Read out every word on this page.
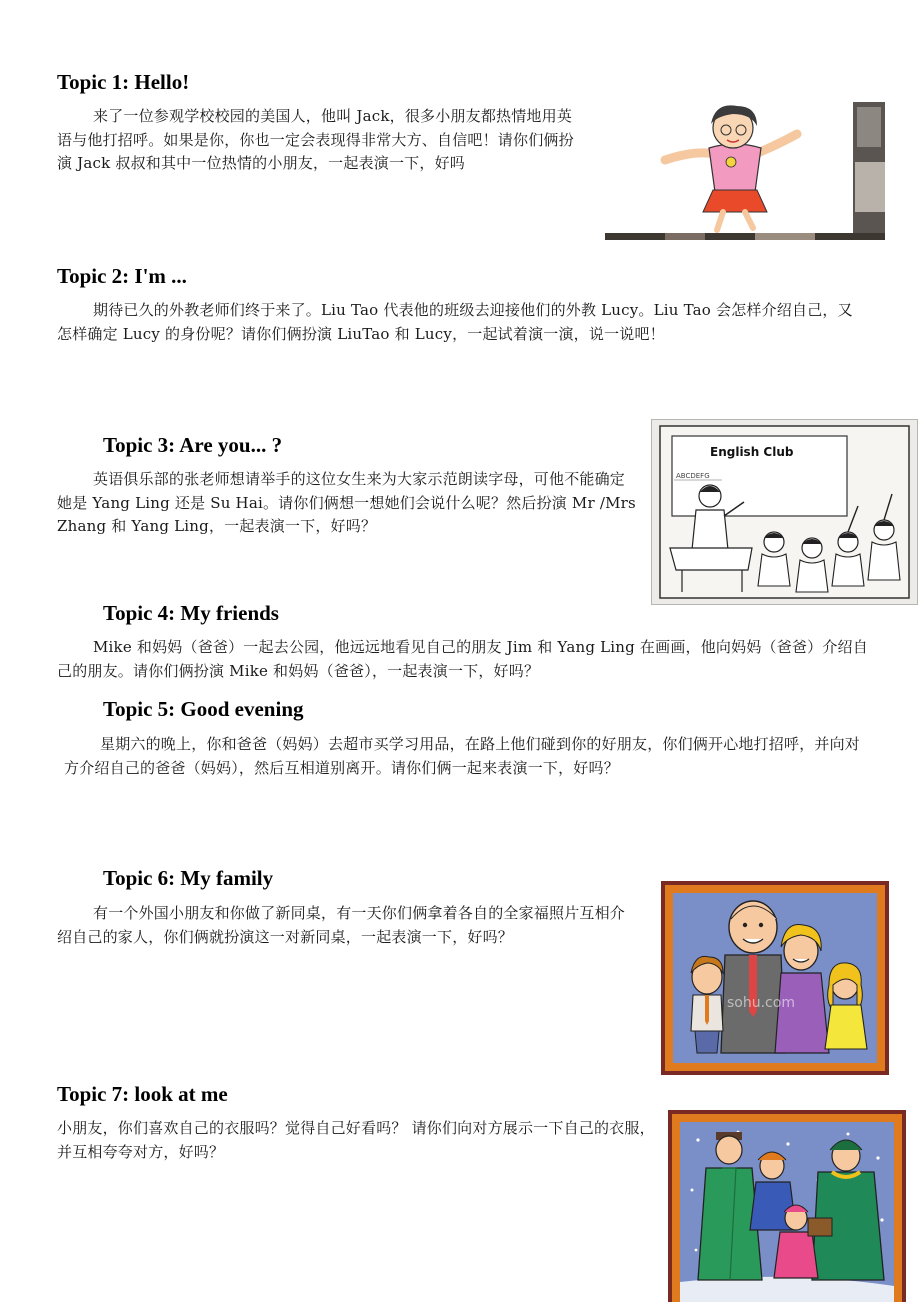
Topic 1: Hello!
来了一位参观学校校园的美国人，他叫 Jack，很多小朋友都热情地用英语与他打招呼。如果是你，你也一定会表现得非常大方、自信吧！请你们俩扮演 Jack 叔叔和其中一位热情的小朋友，一起表演一下，好吗
Topic 2: I'm ...
期待已久的外教老师们终于来了。Liu Tao 代表他的班级去迎接他们的外教 Lucy。Liu Tao 会怎样介绍自己，又怎样确定 Lucy 的身份呢？请你们俩扮演 LiuTao 和 Lucy，一起试着演一演，说一说吧！
Topic 3: Are you... ?
英语俱乐部的张老师想请举手的这位女生来为大家示范朗读字母，可他不能确定她是 Yang Ling 还是 Su Hai。请你们俩想一想她们会说什么呢？然后扮演 Mr /Mrs Zhang 和 Yang Ling，一起表演一下，好吗？
English Club
ABCDEFG
Topic 4: My friends
Mike 和妈妈（爸爸）一起去公园，他远远地看见自己的朋友 Jim 和 Yang Ling 在画画，他向妈妈（爸爸）介绍自己的朋友。请你们俩扮演 Mike 和妈妈（爸爸），一起表演一下，好吗？
Topic 5: Good evening
星期六的晚上，你和爸爸（妈妈）去超市买学习用品，在路上他们碰到你的好朋友，你们俩开心地打招呼，并向对方介绍自己的爸爸（妈妈），然后互相道别离开。请你们俩一起来表演一下，好吗？
Topic 6: My family
有一个外国小朋友和你做了新同桌，有一天你们俩拿着各自的全家福照片互相介绍自己的家人，你们俩就扮演这一对新同桌，一起表演一下，好吗？
sohu.com
Topic 7: look at me
小朋友，你们喜欢自己的衣服吗？觉得自己好看吗？ 请你们向对方展示一下自己的衣服，并互相夸夸对方，好吗？
